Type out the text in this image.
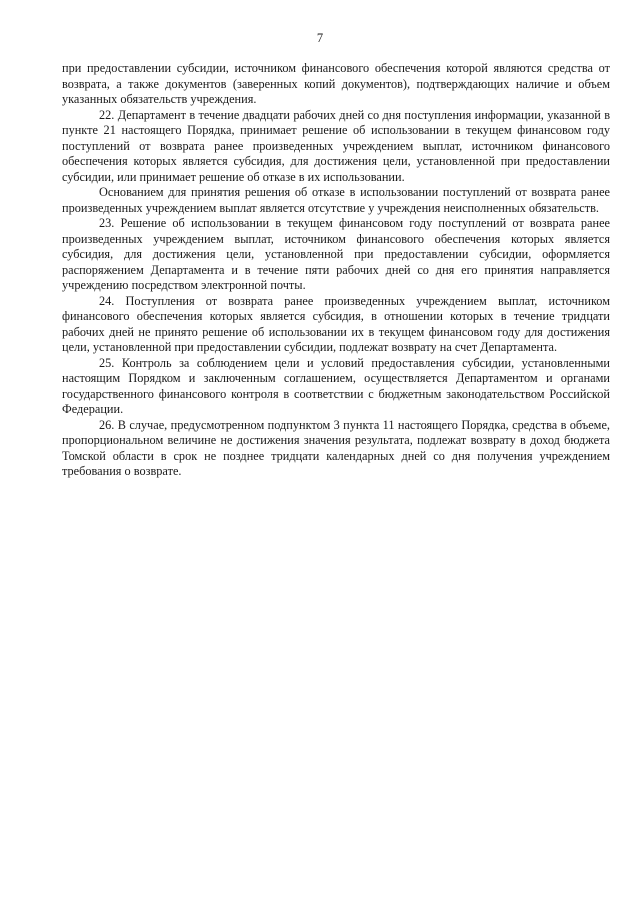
7

при предоставлении субсидии, источником финансового обеспечения которой являются средства от возврата, а также документов (заверенных копий документов), подтверждающих наличие и объем указанных обязательств учреждения.

22. Департамент в течение двадцати рабочих дней со дня поступления информации, указанной в пункте 21 настоящего Порядка, принимает решение об использовании в текущем финансовом году поступлений от возврата ранее произведенных учреждением выплат, источником финансового обеспечения которых является субсидия, для достижения цели, установленной при предоставлении субсидии, или принимает решение об отказе в их использовании.

Основанием для принятия решения об отказе в использовании поступлений от возврата ранее произведенных учреждением выплат является отсутствие у учреждения неисполненных обязательств.

23. Решение об использовании в текущем финансовом году поступлений от возврата ранее произведенных учреждением выплат, источником финансового обеспечения которых является субсидия, для достижения цели, установленной при предоставлении субсидии, оформляется распоряжением Департамента и в течение пяти рабочих дней со дня его принятия направляется учреждению посредством электронной почты.

24. Поступления от возврата ранее произведенных учреждением выплат, источником финансового обеспечения которых является субсидия, в отношении которых в течение тридцати рабочих дней не принято решение об использовании их в текущем финансовом году для достижения цели, установленной при предоставлении субсидии, подлежат возврату на счет Департамента.

25. Контроль за соблюдением цели и условий предоставления субсидии, установленными настоящим Порядком и заключенным соглашением, осуществляется Департаментом и органами государственного финансового контроля в соответствии с бюджетным законодательством Российской Федерации.

26. В случае, предусмотренном подпунктом 3 пункта 11 настоящего Порядка, средства в объеме, пропорциональном величине не достижения значения результата, подлежат возврату в доход бюджета Томской области в срок не позднее тридцати календарных дней со дня получения учреждением требования о возврате.
